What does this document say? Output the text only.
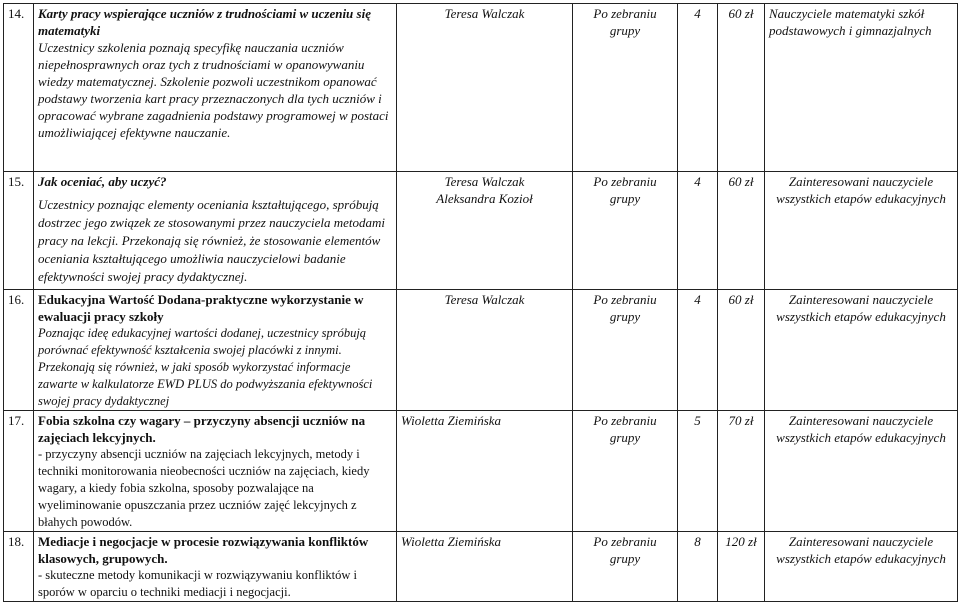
14.	Karty pracy wspierające uczniów z trudnościami w uczeniu się matematyki
Uczestnicy szkolenia poznają specyfikę nauczania uczniów niepełnosprawnych oraz tych z trudnościami w opanowywaniu wiedzy matematycznej. Szkolenie pozwoli uczestnikom opanować podstawy tworzenia kart pracy przeznaczonych dla tych uczniów i opracować wybrane zagadnienia podstawy programowej w postaci umożliwiającej efektywne nauczanie.	Teresa Walczak	Po zebraniu grupy	4	60 zł	Nauczyciele matematyki szkół podstawowych i gimnazjalnych
15.	Jak oceniać, aby uczyć?
Uczestnicy poznając elementy oceniania kształtującego, spróbują dostrzec jego związek ze stosowanymi przez nauczyciela metodami pracy na lekcji. Przekonają się również, że stosowanie elementów oceniania kształtującego umożliwia nauczycielowi badanie efektywności swojej pracy dydaktycznej.	Teresa Walczak
Aleksandra Kozioł	Po zebraniu grupy	4	60 zł	Zainteresowani nauczyciele wszystkich etapów edukacyjnych
16.	Edukacyjna Wartość Dodana-praktyczne wykorzystanie w ewaluacji pracy szkoły
Poznając ideę edukacyjnej wartości dodanej, uczestnicy spróbują porównać efektywność kształcenia swojej placówki z innymi. Przekonają się również, w jaki sposób wykorzystać informacje zawarte w kalkulatorze EWD PLUS do podwyższania efektywności swojej pracy dydaktycznej	Teresa Walczak	Po zebraniu grupy	4	60 zł	Zainteresowani nauczyciele wszystkich etapów edukacyjnych
17.	Fobia szkolna czy wagary – przyczyny absencji uczniów na zajęciach lekcyjnych.
- przyczyny absencji uczniów na zajęciach lekcyjnych, metody i techniki monitorowania nieobecności uczniów na zajęciach, kiedy wagary, a kiedy fobia szkolna, sposoby pozwalające na wyeliminowanie opuszczania przez uczniów zajęć lekcyjnych z błahych powodów.	Wioletta Ziemińska	Po zebraniu grupy	5	70 zł	Zainteresowani nauczyciele wszystkich etapów edukacyjnych
18.	Mediacje i negocjacje w procesie rozwiązywania konfliktów klasowych, grupowych.
- skuteczne metody komunikacji w rozwiązywaniu konfliktów i sporów w oparciu o techniki mediacji i negocjacji.	Wioletta Ziemińska	Po zebraniu grupy	8	120 zł	Zainteresowani nauczyciele wszystkich etapów edukacyjnych
